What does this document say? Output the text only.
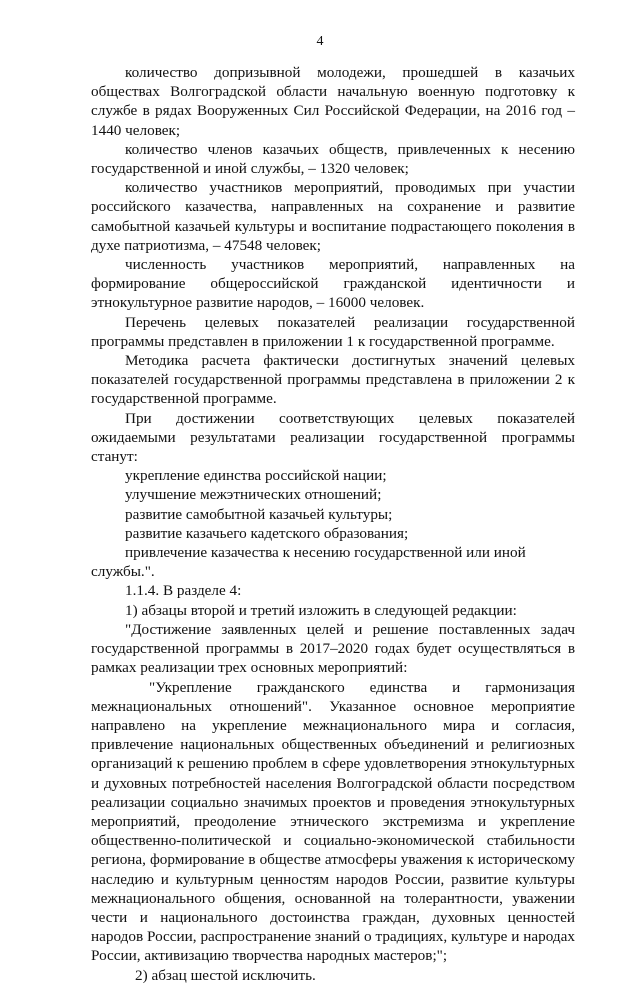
4

количество допризывной молодежи, прошедшей в казачьих обществах Волгоградской области начальную военную подготовку к службе в рядах Вооруженных Сил Российской Федерации, на 2016 год – 1440 человек;

количество членов казачьих обществ, привлеченных к несению государственной и иной службы, – 1320 человек;

количество участников мероприятий, проводимых при участии российского казачества, направленных на сохранение и развитие самобытной казачьей культуры и воспитание подрастающего поколения в духе патриотизма, – 47548 человек;

численность участников мероприятий, направленных на формирование общероссийской гражданской идентичности и этнокультурное развитие народов, – 16000 человек.

Перечень целевых показателей реализации государственной программы представлен в приложении 1 к государственной программе.

Методика расчета фактически достигнутых значений целевых показателей государственной программы представлена в приложении 2 к государственной программе.

При достижении соответствующих целевых показателей ожидаемыми результатами реализации государственной программы станут:

укрепление единства российской нации;

улучшение межэтнических отношений;

развитие самобытной казачьей культуры;

развитие казачьего кадетского образования;

привлечение казачества к несению государственной или иной службы.".

1.1.4. В разделе 4:

1) абзацы второй и третий изложить в следующей редакции:

"Достижение заявленных целей и решение поставленных задач государственной программы в 2017–2020 годах будет осуществляться в рамках реализации трех основных мероприятий:

"Укрепление гражданского единства и гармонизация межнациональных отношений". Указанное основное мероприятие направлено на укрепление межнационального мира и согласия, привлечение национальных общественных объединений и религиозных организаций к решению проблем в сфере удовлетворения этнокультурных и духовных потребностей населения Волгоградской области посредством реализации социально значимых проектов и проведения этнокультурных мероприятий, преодоление этнического экстремизма и укрепление общественно-политической и социально-экономической стабильности региона, формирование в обществе атмосферы уважения к историческому наследию и культурным ценностям народов России, развитие культуры межнационального общения, основанной на толерантности, уважении чести и национального достоинства граждан, духовных ценностей народов России, распространение знаний о традициях, культуре и народах России, активизацию творчества народных мастеров;";

2) абзац шестой исключить.
